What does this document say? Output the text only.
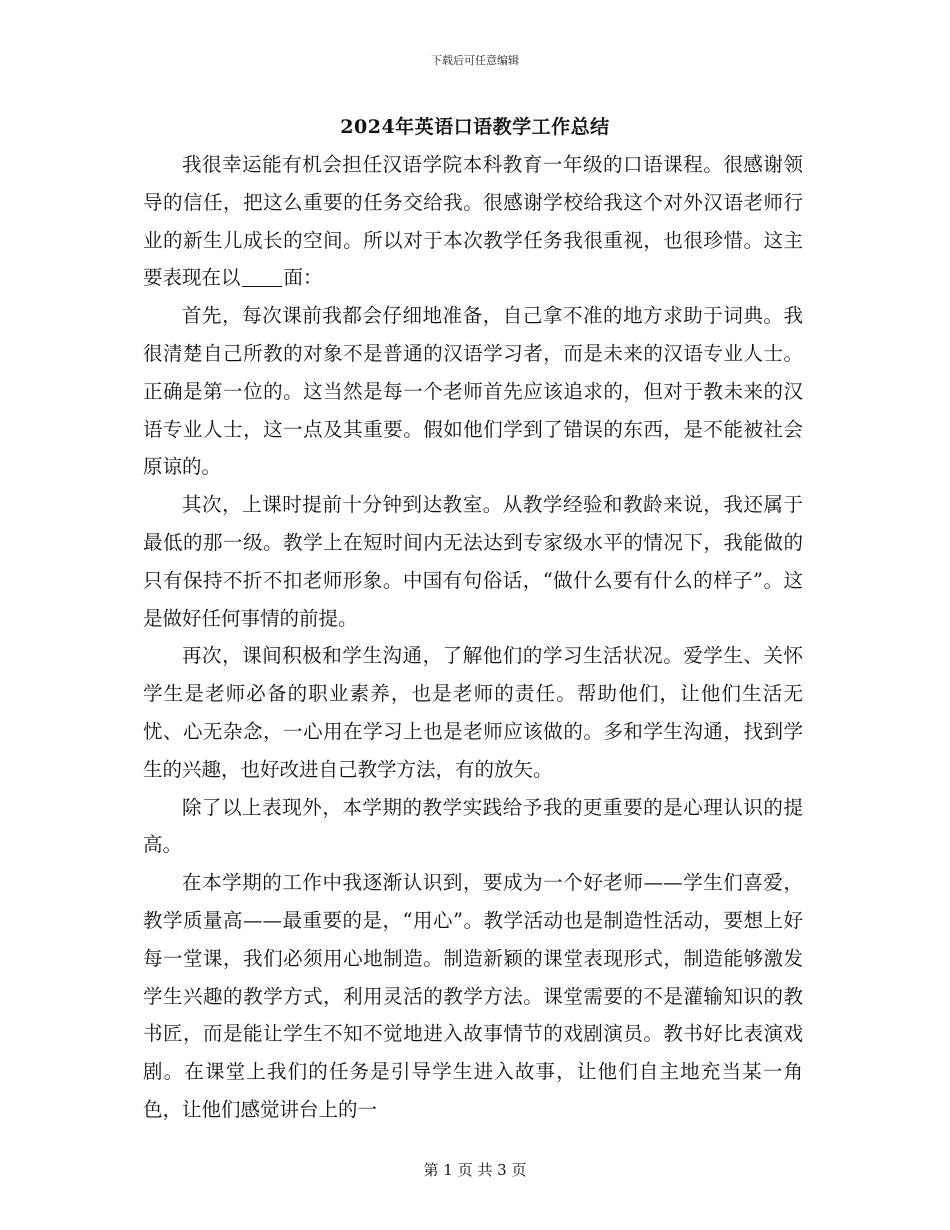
下载后可任意编辑
2024年英语口语教学工作总结

我很幸运能有机会担任汉语学院本科教育一年级的口语课程。很感谢领导的信任，把这么重要的任务交给我。很感谢学校给我这个对外汉语老师行业的新生儿成长的空间。所以对于本次教学任务我很重视，也很珍惜。这主要表现在以 面：

首先，每次课前我都会仔细地准备，自己拿不准的地方求助于词典。我很清楚自己所教的对象不是普通的汉语学习者，而是未来的汉语专业人士。正确是第一位的。这当然是每一个老师首先应该追求的，但对于教未来的汉语专业人士，这一点及其重要。假如他们学到了错误的东西，是不能被社会原谅的。

其次，上课时提前十分钟到达教室。从教学经验和教龄来说，我还属于最低的那一级。教学上在短时间内无法达到专家级水平的情况下，我能做的只有保持不折不扣老师形象。中国有句俗话，“做什么要有什么的样子”。这是做好任何事情的前提。

再次，课间积极和学生沟通，了解他们的学习生活状况。爱学生、关怀学生是老师必备的职业素养，也是老师的责任。帮助他们，让他们生活无忧、心无杂念，一心用在学习上也是老师应该做的。多和学生沟通，找到学生的兴趣，也好改进自己教学方法，有的放矢。

除了以上表现外，本学期的教学实践给予我的更重要的是心理认识的提高。

在本学期的工作中我逐渐认识到，要成为一个好老师——学生们喜爱，教学质量高——最重要的是，“用心”。教学活动也是制造性活动，要想上好每一堂课，我们必须用心地制造。制造新颖的课堂表现形式，制造能够激发学生兴趣的教学方式，利用灵活的教学方法。课堂需要的不是灌输知识的教书匠，而是能让学生不知不觉地进入故事情节的戏剧演员。教书好比表演戏剧。在课堂上我们的任务是引导学生进入故事，让他们自主地充当某一角色，让他们感觉讲台上的一

第 1 页 共 3 页
